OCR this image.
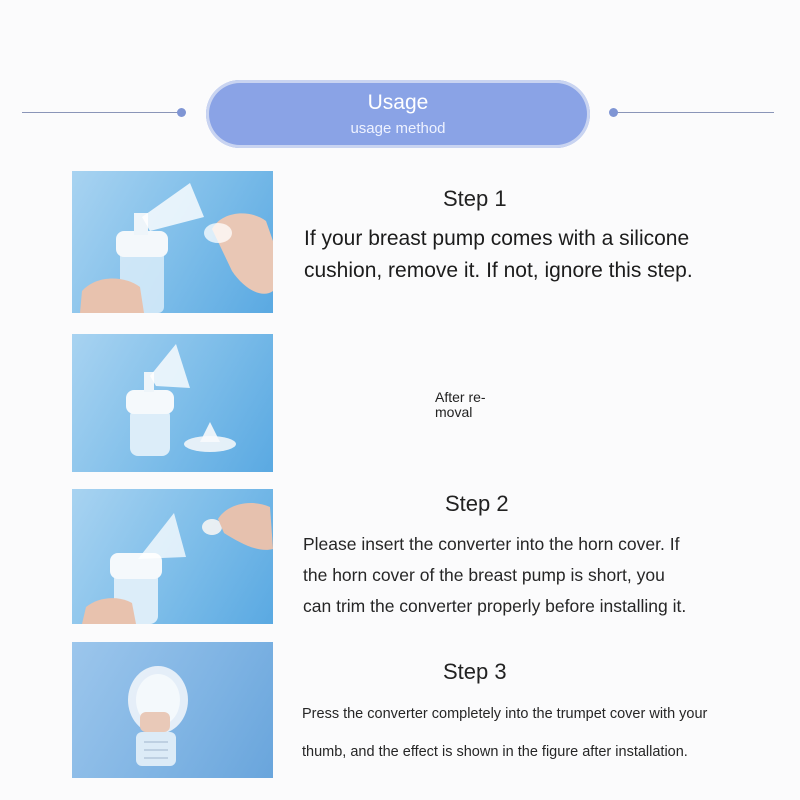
Usage
usage method
Step 1
If your breast pump comes with a silicone
cushion, remove it. If not, ignore this step.
After re-
moval
Step 2
Please insert the converter into the horn cover. If
the horn cover of the breast pump is short, you
can trim the converter properly before installing it.
Step 3
Press the converter completely into the trumpet cover with your
thumb, and the effect is shown in the figure after installation.
